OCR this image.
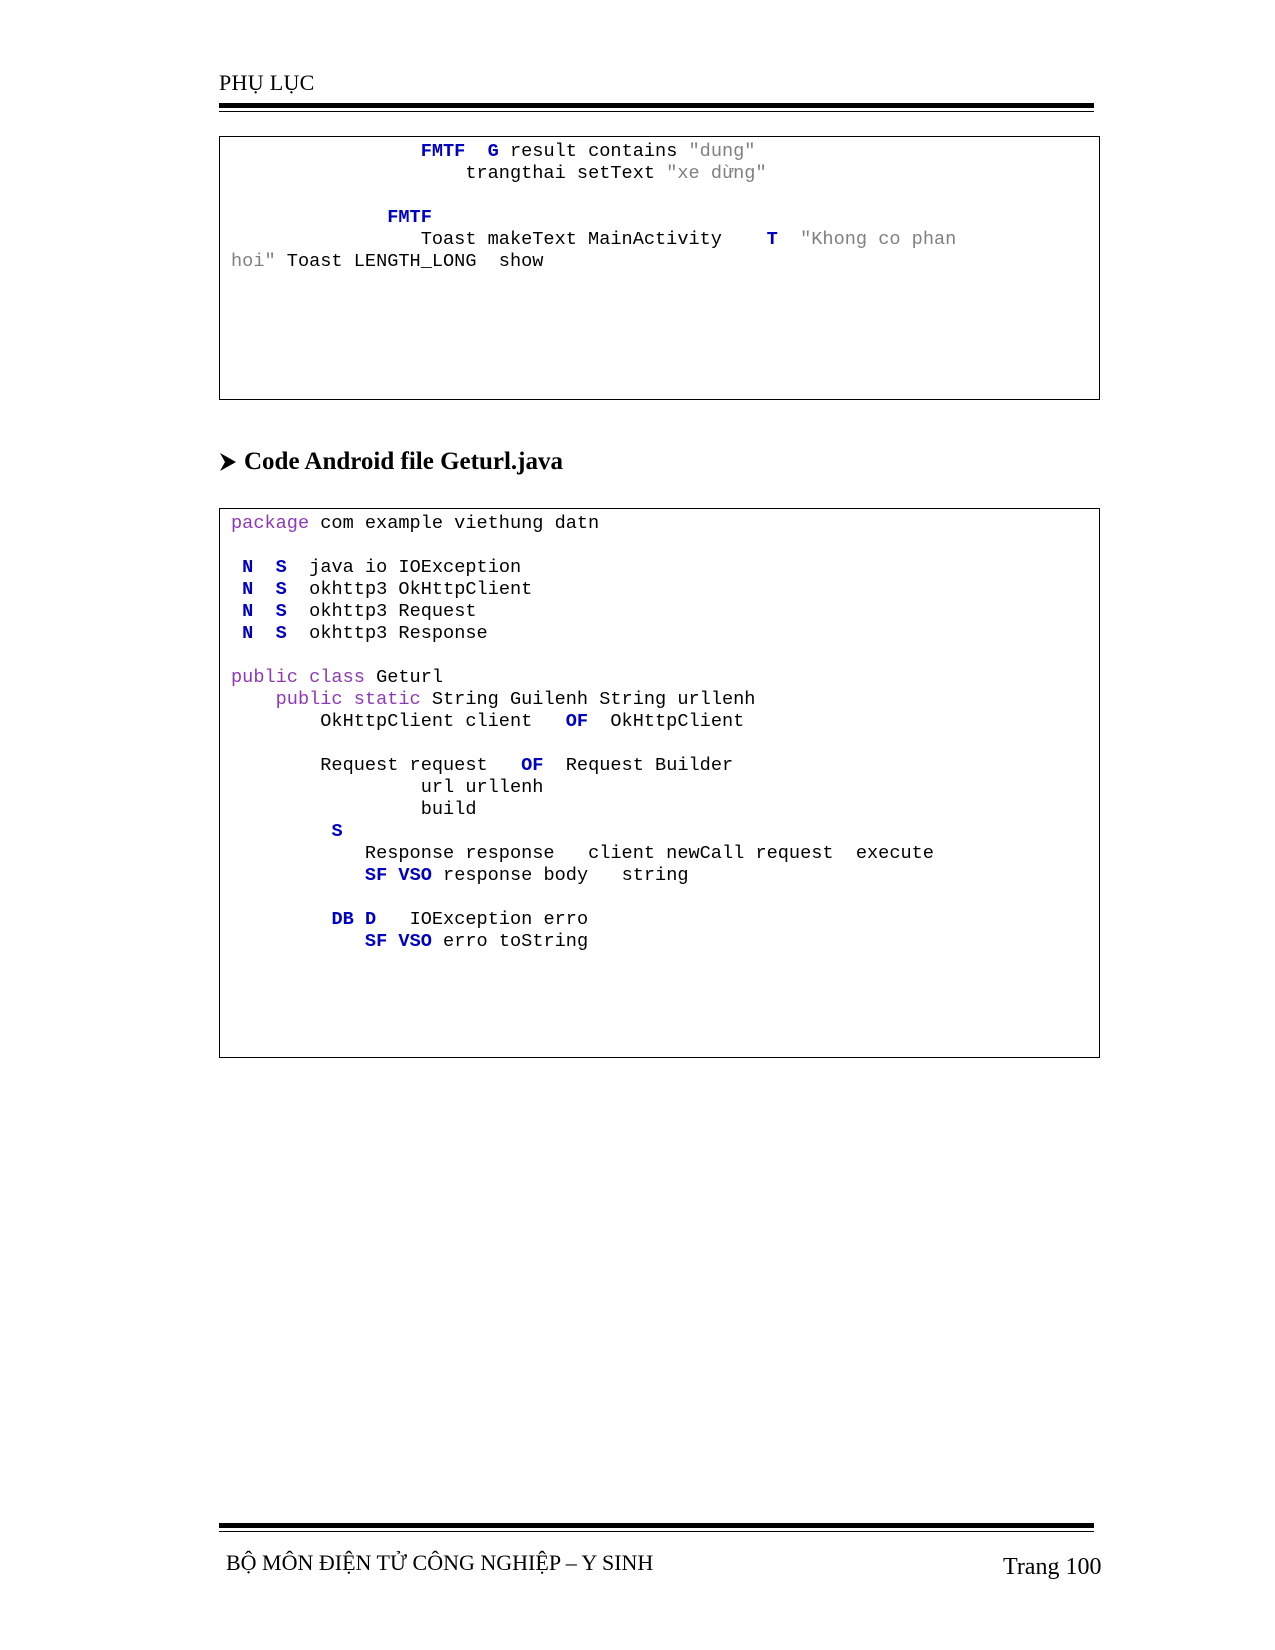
PHỤ LỤC
FMTF G result contains "dung"
trangthai setText "xe dừng"
FMTF
Toast makeText MainActivity    T "Khong co phan
hoi" Toast LENGTH_LONG  show
Code Android file Geturl.java
package com example viethung datn
N S  java io IOException
N S  okhttp3 OkHttpClient
N S  okhttp3 Request
N S  okhttp3 Response
public class Geturl
public static String Guilenh String urllenh
OkHttpClient client   OF  OkHttpClient
Request request   OF  Request Builder
url urllenh
build
S
Response response   client newCall request  execute
SF VSO response body   string
DB D   IOException erro
SF VSO erro toString
BỘ MÔN ĐIỆN TỬ CÔNG NGHIỆP – Y SINH	Trang 100
